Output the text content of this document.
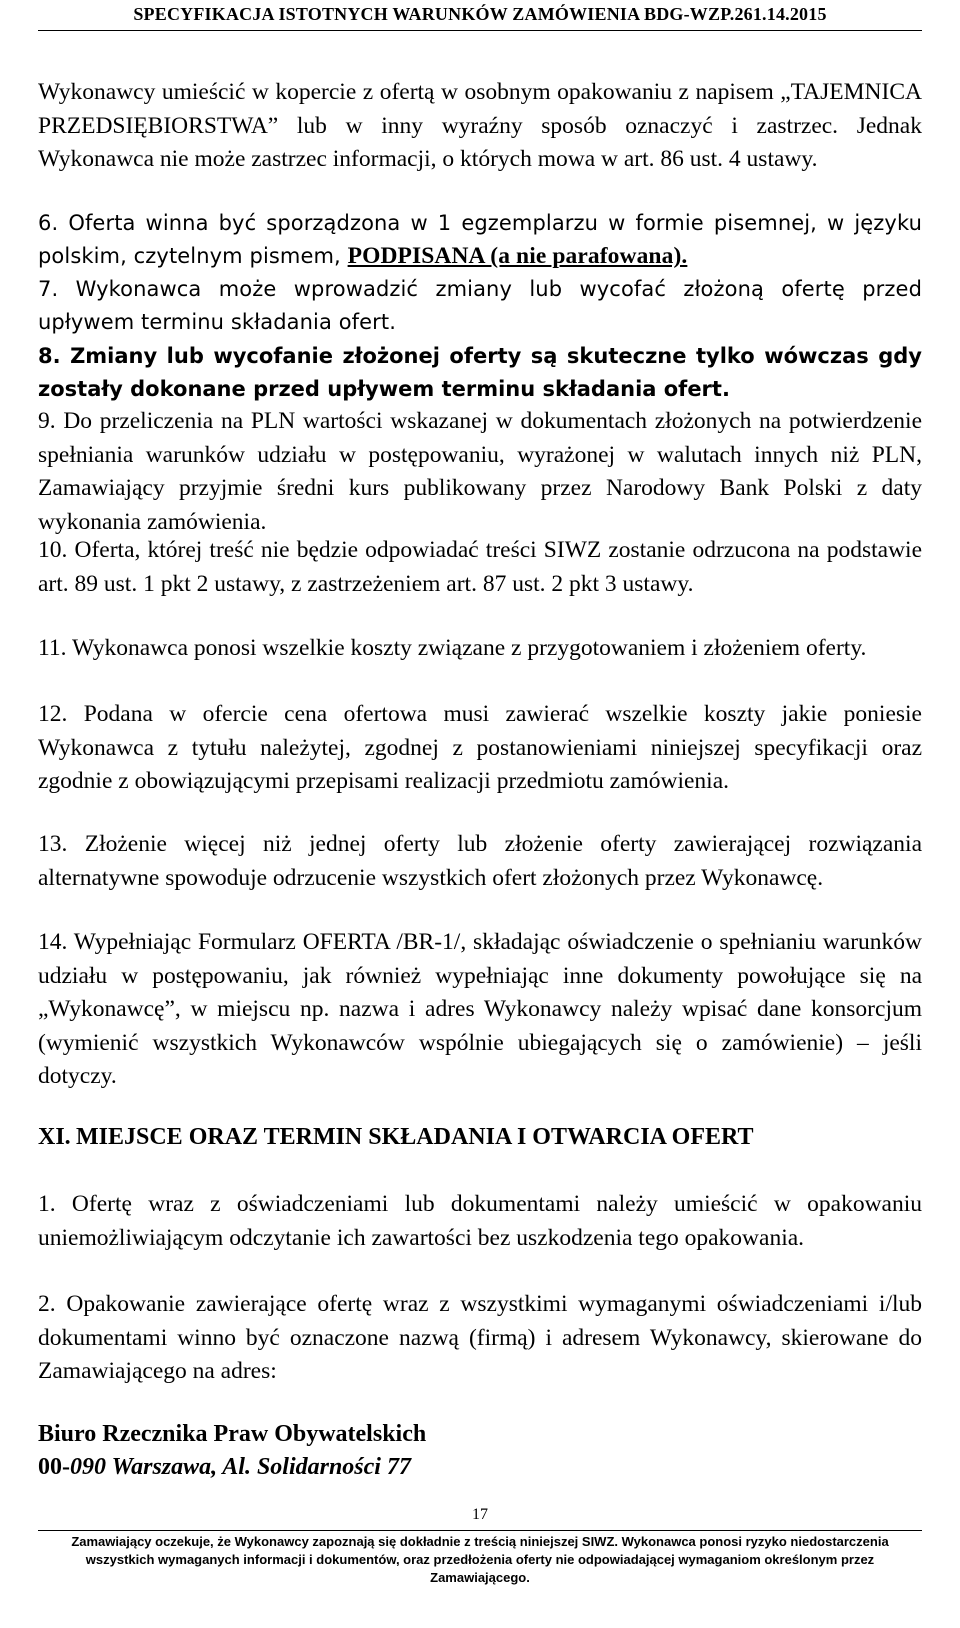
SPECYFIKACJA ISTOTNYCH WARUNKÓW ZAMÓWIENIA BDG-WZP.261.14.2015
Wykonawcy umieścić w kopercie z ofertą w osobnym opakowaniu z napisem „TAJEMNICA PRZEDSIĘBIORSTWA” lub w inny wyraźny sposób oznaczyć i zastrzec. Jednak Wykonawca nie może zastrzec informacji, o których mowa w art. 86 ust. 4 ustawy.
6. Oferta winna być sporządzona w 1 egzemplarzu w formie pisemnej, w języku polskim, czytelnym pismem, PODPISANA (a nie parafowana).
7. Wykonawca może wprowadzić zmiany lub wycofać złożoną ofertę przed upływem terminu składania ofert.
8. Zmiany lub wycofanie złożonej oferty są skuteczne tylko wówczas gdy zostały dokonane przed upływem terminu składania ofert.
9. Do przeliczenia na PLN wartości wskazanej w dokumentach złożonych na potwierdzenie spełniania warunków udziału w postępowaniu, wyrażonej w walutach innych niż PLN, Zamawiający przyjmie średni kurs publikowany przez Narodowy Bank Polski z daty wykonania zamówienia.
10. Oferta, której treść nie będzie odpowiadać treści SIWZ zostanie odrzucona na podstawie art. 89 ust. 1 pkt 2 ustawy, z zastrzeżeniem art. 87 ust. 2 pkt 3 ustawy.
11. Wykonawca ponosi wszelkie koszty związane z przygotowaniem i złożeniem oferty.
12. Podana w ofercie cena ofertowa musi zawierać wszelkie koszty jakie poniesie Wykonawca z tytułu należytej, zgodnej z postanowieniami niniejszej specyfikacji oraz zgodnie z obowiązującymi przepisami realizacji przedmiotu zamówienia.
13. Złożenie więcej niż jednej oferty lub złożenie oferty zawierającej rozwiązania alternatywne spowoduje odrzucenie wszystkich ofert złożonych przez Wykonawcę.
14. Wypełniając Formularz OFERTA /BR-1/, składając oświadczenie o spełnianiu warunków udziału w postępowaniu, jak również wypełniając inne dokumenty powołujące się na „Wykonawcę”, w miejscu np. nazwa i adres Wykonawcy należy wpisać dane konsorcjum (wymienić wszystkich Wykonawców wspólnie ubiegających się o zamówienie) – jeśli dotyczy.
XI. MIEJSCE ORAZ TERMIN SKŁADANIA I OTWARCIA OFERT
1. Ofertę wraz z oświadczeniami lub dokumentami należy umieścić w opakowaniu uniemożliwiającym odczytanie ich zawartości bez uszkodzenia tego opakowania.
2. Opakowanie zawierające ofertę wraz z wszystkimi wymaganymi oświadczeniami i/lub dokumentami winno być oznaczone nazwą (firmą) i adresem Wykonawcy, skierowane do Zamawiającego na adres:
Biuro Rzecznika Praw Obywatelskich
00-090 Warszawa, Al. Solidarności 77
17
Zamawiający oczekuje, że Wykonawcy zapoznają się dokładnie z treścią niniejszej SIWZ. Wykonawca ponosi ryzyko niedostarczenia wszystkich wymaganych informacji i dokumentów, oraz przedłożenia oferty nie odpowiadającej wymaganiom określonym przez Zamawiającego.
